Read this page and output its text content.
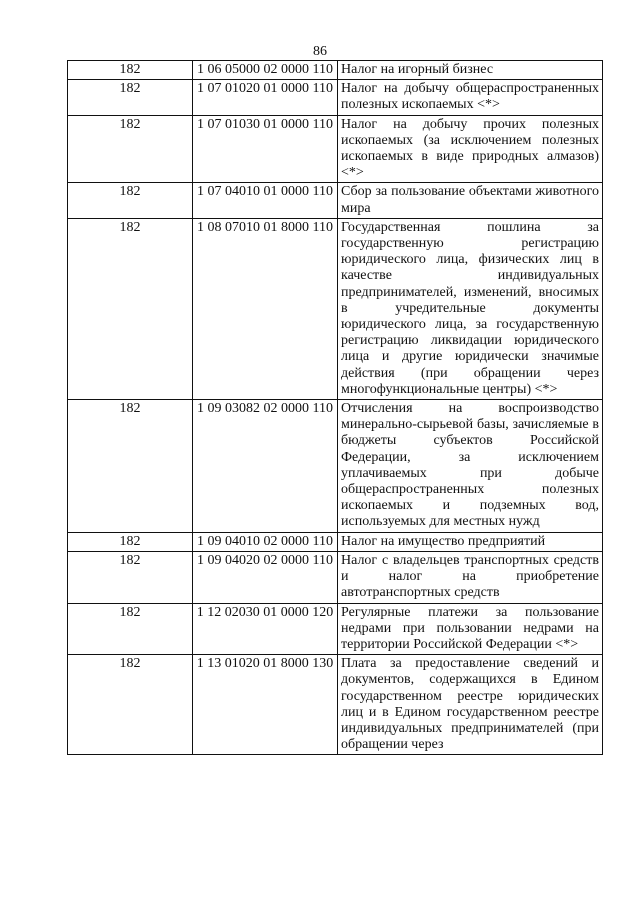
86
182	1 06 05000 02 0000 110	Налог на игорный бизнес
182	1 07 01020 01 0000 110	Налог на добычу общераспространенных полезных ископаемых <*>
182	1 07 01030 01 0000 110	Налог на добычу прочих полезных ископаемых (за исключением полезных ископаемых в виде природных алмазов)<*>
182	1 07 04010 01 0000 110	Сбор за пользование объектами животного мира
182	1 08 07010 01 8000 110	Государственная пошлина за государственную регистрацию юридического лица, физических лиц в качестве индивидуальных предпринимателей, изменений, вносимых в учредительные документы юридического лица, за государственную регистрацию ликвидации юридического лица и другие юридически значимые действия (при обращении через многофункциональные центры) <*>
182	1 09 03082 02 0000 110	Отчисления на воспроизводство минерально-сырьевой базы, зачисляемые в бюджеты субъектов Российской Федерации, за исключением уплачиваемых при добыче общераспространенных полезных ископаемых и подземных вод, используемых для местных нужд
182	1 09 04010 02 0000 110	Налог на имущество предприятий
182	1 09 04020 02 0000 110	Налог с владельцев транспортных средств и налог на приобретение автотранспортных средств
182	1 12 02030 01 0000 120	Регулярные платежи за пользование недрами при пользовании недрами на территории Российской Федерации <*>
182	1 13 01020 01 8000 130	Плата за предоставление сведений и документов, содержащихся в Едином государственном реестре юридических лиц и в Едином государственном реестре индивидуальных предпринимателей (при обращении через
